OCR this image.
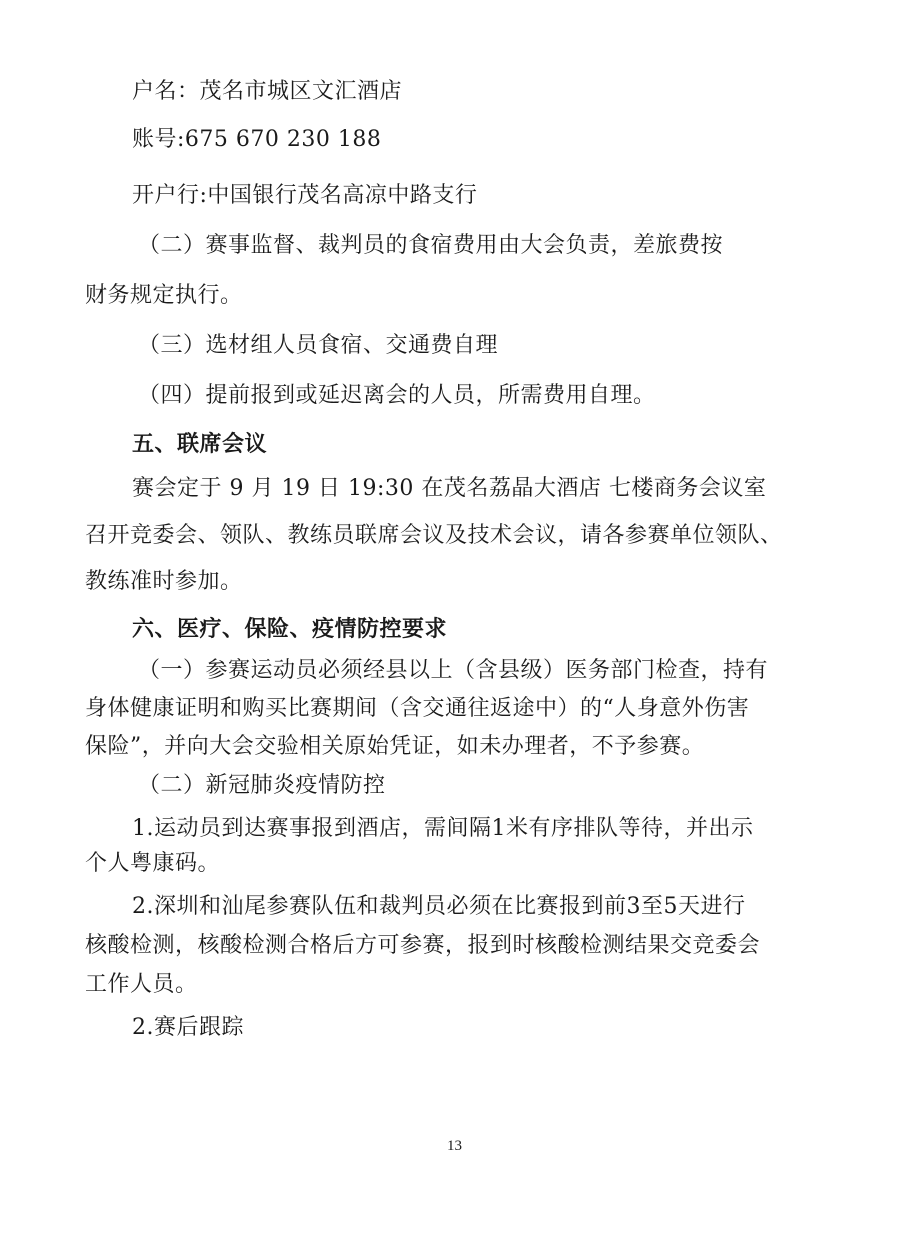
户名：茂名市城区文汇酒店

账号:675 670 230 188

开户行:中国银行茂名高凉中路支行

（二）赛事监督、裁判员的食宿费用由大会负责，差旅费按

财务规定执行。

（三）选材组人员食宿、交通费自理

（四）提前报到或延迟离会的人员，所需费用自理。

五、联席会议

赛会定于 9 月 19 日 19:30 在茂名荔晶大酒店 七楼商务会议室

召开竞委会、领队、教练员联席会议及技术会议，请各参赛单位领队、

教练准时参加。

六、医疗、保险、疫情防控要求

（一）参赛运动员必须经县以上（含县级）医务部门检查，持有

身体健康证明和购买比赛期间（含交通往返途中）的“人身意外伤害

保险”，并向大会交验相关原始凭证，如未办理者，不予参赛。

（二）新冠肺炎疫情防控

1.运动员到达赛事报到酒店，需间隔1米有序排队等待，并出示

个人粤康码。

2.深圳和汕尾参赛队伍和裁判员必须在比赛报到前3至5天进行

核酸检测，核酸检测合格后方可参赛，报到时核酸检测结果交竞委会

工作人员。

2.赛后跟踪

13
